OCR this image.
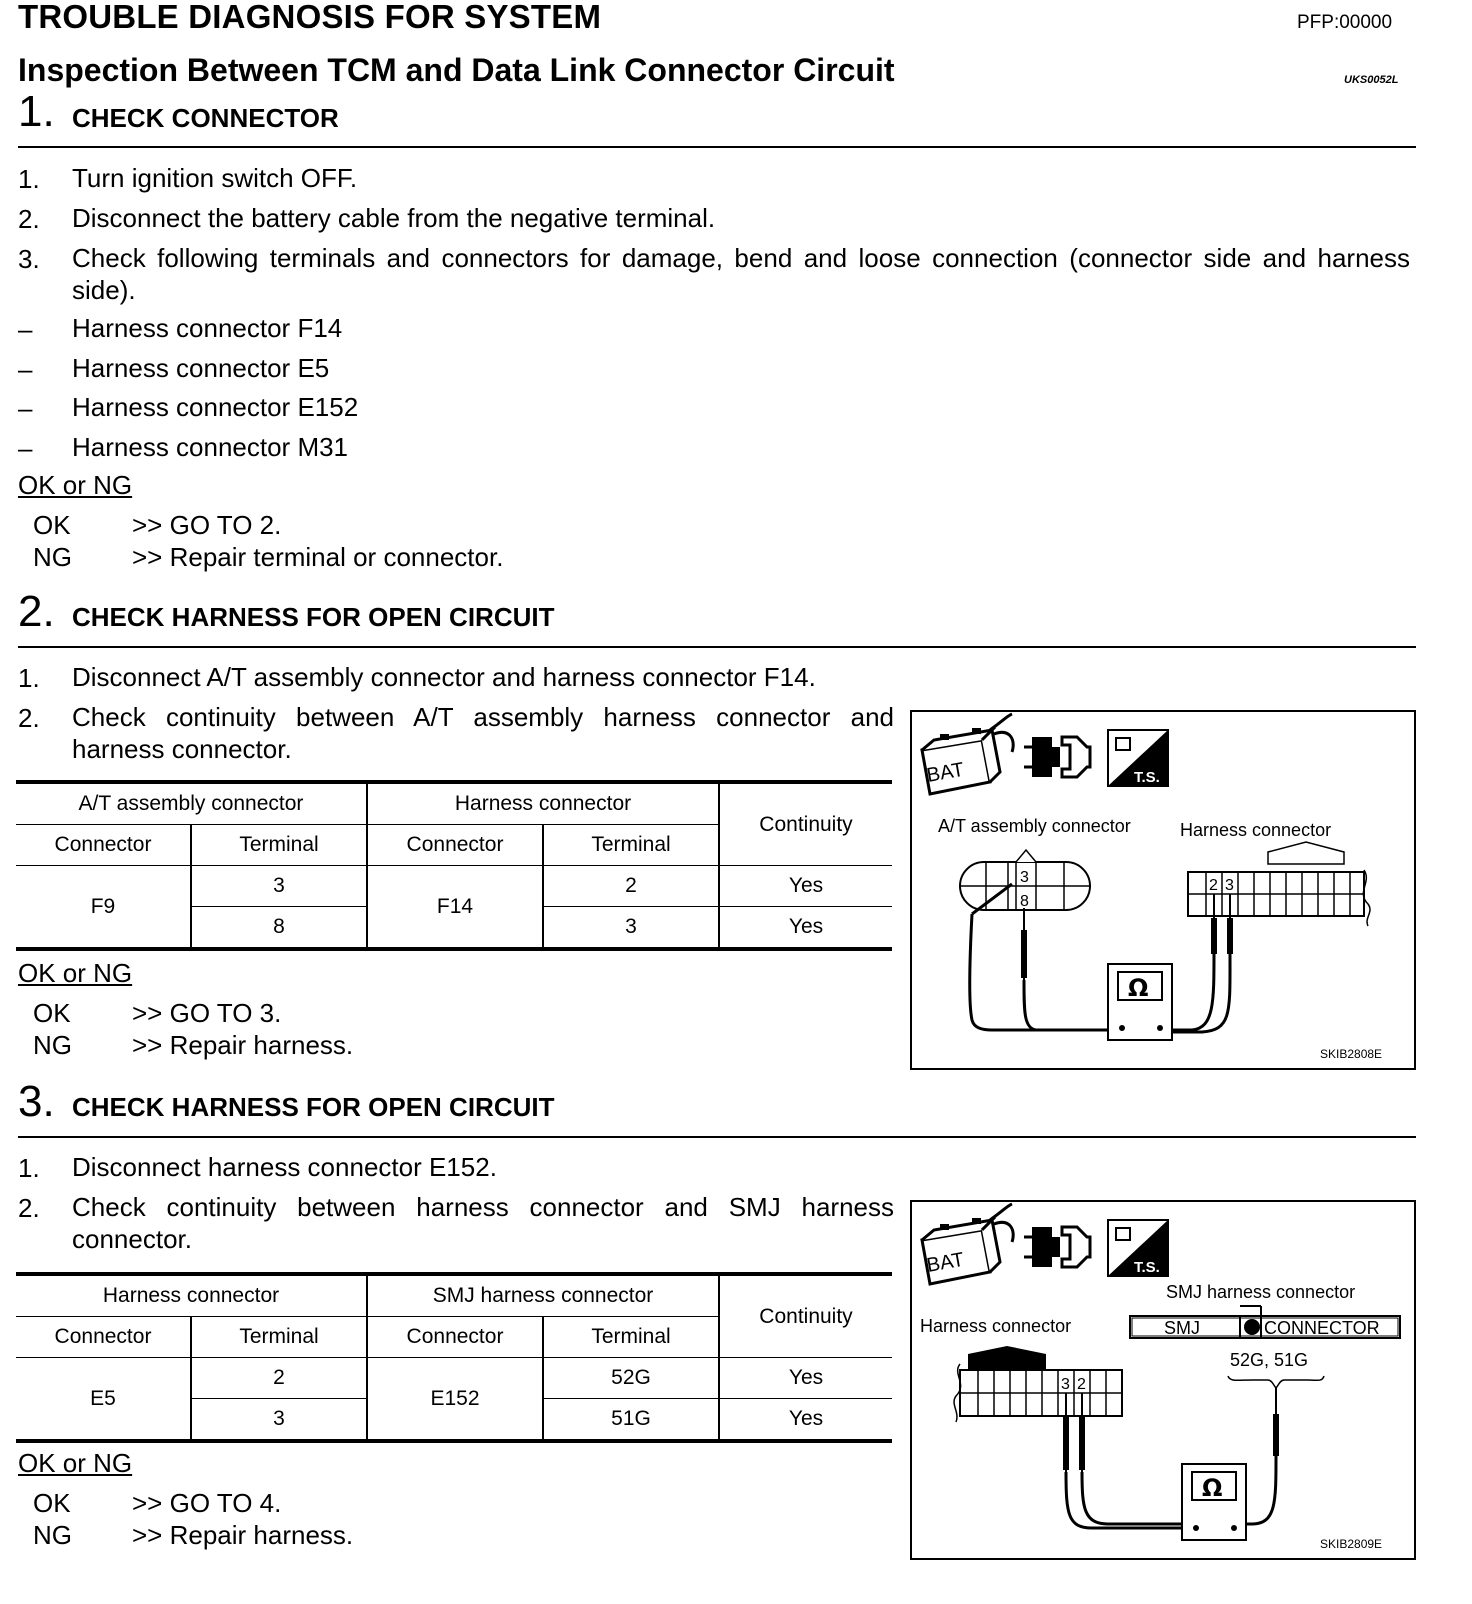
TROUBLE DIAGNOSIS FOR SYSTEM	PFP:00000
Inspection Between TCM and Data Link Connector Circuit	UKS0052L
1. CHECK CONNECTOR
1. Turn ignition switch OFF.
2. Disconnect the battery cable from the negative terminal.
3. Check following terminals and connectors for damage, bend and loose connection (connector side and harness side).
– Harness connector F14
– Harness connector E5
– Harness connector E152
– Harness connector M31
OK or NG
OK >> GO TO 2.
NG >> Repair terminal or connector.
2. CHECK HARNESS FOR OPEN CIRCUIT
1. Disconnect A/T assembly connector and harness connector F14.
2. Check continuity between A/T assembly harness connector and harness connector.
A/T assembly connector		Harness connector		Continuity
Connector	Terminal	Connector	Terminal	
F9	3	F14	2	Yes
	8		3	Yes
OK or NG
OK >> GO TO 3.
NG >> Repair harness.
BAT	T.S.
A/T assembly connector	Harness connector
3
8
2 3
Ω
SKIB2808E
3. CHECK HARNESS FOR OPEN CIRCUIT
1. Disconnect harness connector E152.
2. Check continuity between harness connector and SMJ harness connector.
Harness connector		SMJ harness connector		Continuity
Connector	Terminal	Connector	Terminal	
E5	2	E152	52G	Yes
	3		51G	Yes
OK or NG
OK >> GO TO 4.
NG >> Repair harness.
BAT	T.S.
SMJ harness connector
Harness connector	SMJ	CONNECTOR
52G, 51G
3 2
Ω
SKIB2809E
